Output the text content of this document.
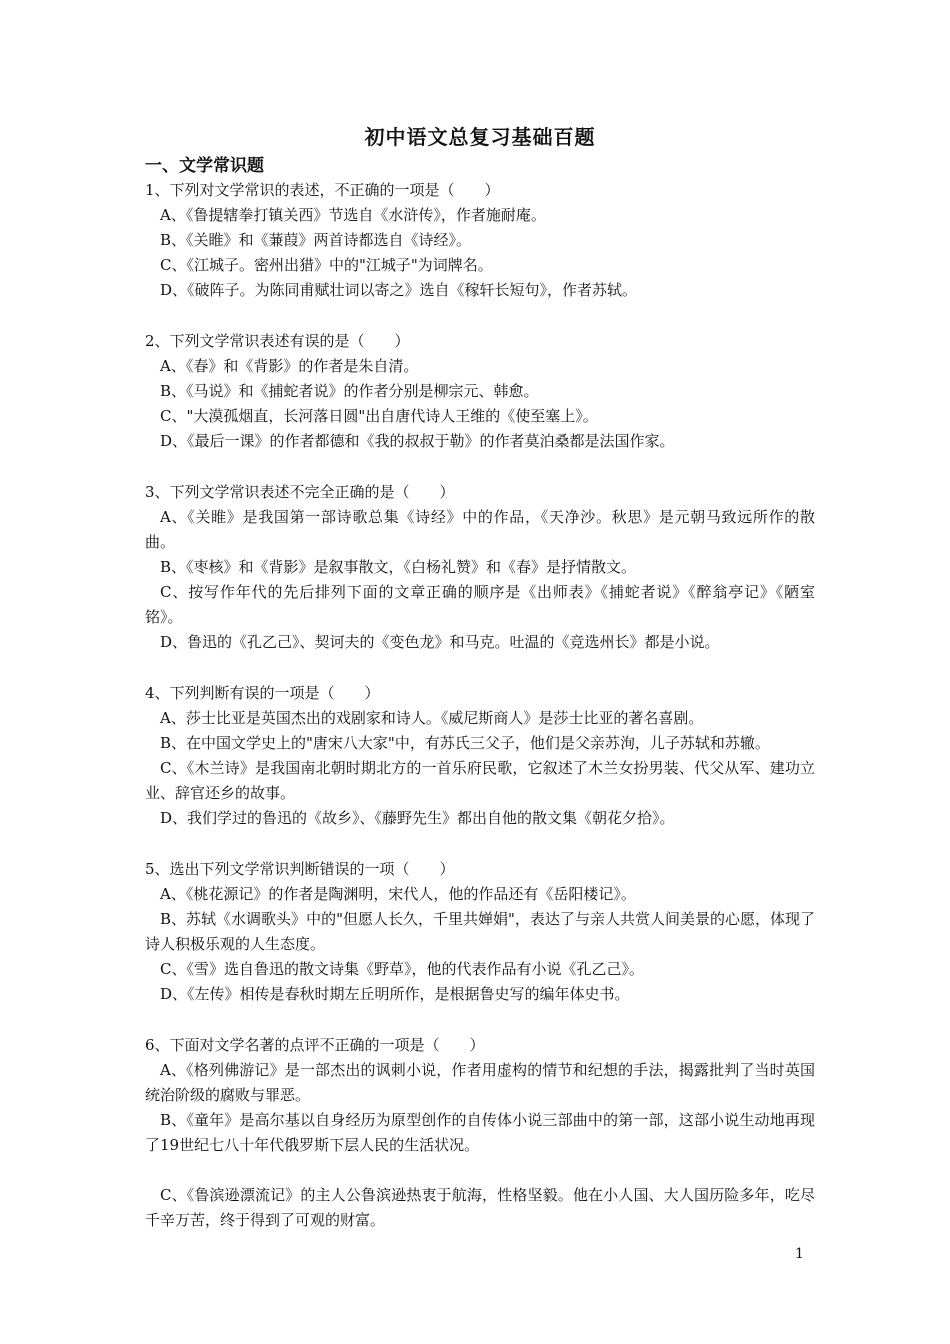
初中语文总复习基础百题
一、文学常识题

1、下列对文学常识的表述，不正确的一项是（　　）

A、《鲁提辖拳打镇关西》节选自《水浒传》，作者施耐庵。

B、《关睢》和《蒹葭》两首诗都选自《诗经》。

C、《江城子。密州出猎》中的"江城子"为词牌名。

D、《破阵子。为陈同甫赋壮词以寄之》选自《稼轩长短句》，作者苏轼。

2、下列文学常识表述有误的是（　　）

A、《春》和《背影》的作者是朱自清。

B、《马说》和《捕蛇者说》的作者分别是柳宗元、韩愈。

C、"大漠孤烟直，长河落日圆"出自唐代诗人王维的《使至塞上》。

D、《最后一课》的作者都德和《我的叔叔于勒》的作者莫泊桑都是法国作家。

3、下列文学常识表述不完全正确的是（　　）

A、《关睢》是我国第一部诗歌总集《诗经》中的作品，《天净沙。秋思》是元朝马致远所作的散曲。

B、《枣核》和《背影》是叙事散文，《白杨礼赞》和《春》是抒情散文。

C、按写作年代的先后排列下面的文章正确的顺序是《出师表》《捕蛇者说》《醉翁亭记》《陋室铭》。

D、鲁迅的《孔乙己》、契诃夫的《变色龙》和马克。吐温的《竞选州长》都是小说。

4、下列判断有误的一项是（　　）

A、莎士比亚是英国杰出的戏剧家和诗人。《威尼斯商人》是莎士比亚的著名喜剧。

B、在中国文学史上的"唐宋八大家"中，有苏氏三父子，他们是父亲苏洵，儿子苏轼和苏辙。

C、《木兰诗》是我国南北朝时期北方的一首乐府民歌，它叙述了木兰女扮男装、代父从军、建功立业、辞官还乡的故事。

D、我们学过的鲁迅的《故乡》、《藤野先生》都出自他的散文集《朝花夕拾》。

5、选出下列文学常识判断错误的一项（　　）

A、《桃花源记》的作者是陶渊明，宋代人，他的作品还有《岳阳楼记》。

B、苏轼《水调歌头》中的"但愿人长久，千里共婵娟"，表达了与亲人共赏人间美景的心愿，体现了诗人积极乐观的人生态度。

C、《雪》选自鲁迅的散文诗集《野草》，他的代表作品有小说《孔乙己》。

D、《左传》相传是春秋时期左丘明所作，是根据鲁史写的编年体史书。

6、下面对文学名著的点评不正确的一项是（　　）

A、《格列佛游记》是一部杰出的讽刺小说，作者用虚构的情节和纪想的手法，揭露批判了当时英国统治阶级的腐败与罪恶。

B、《童年》是高尔基以自身经历为原型创作的自传体小说三部曲中的第一部，这部小说生动地再现了19世纪七八十年代俄罗斯下层人民的生活状况。

C、《鲁滨逊漂流记》的主人公鲁滨逊热衷于航海，性格坚毅。他在小人国、大人国历险多年，吃尽千辛万苦，终于得到了可观的财富。

1
